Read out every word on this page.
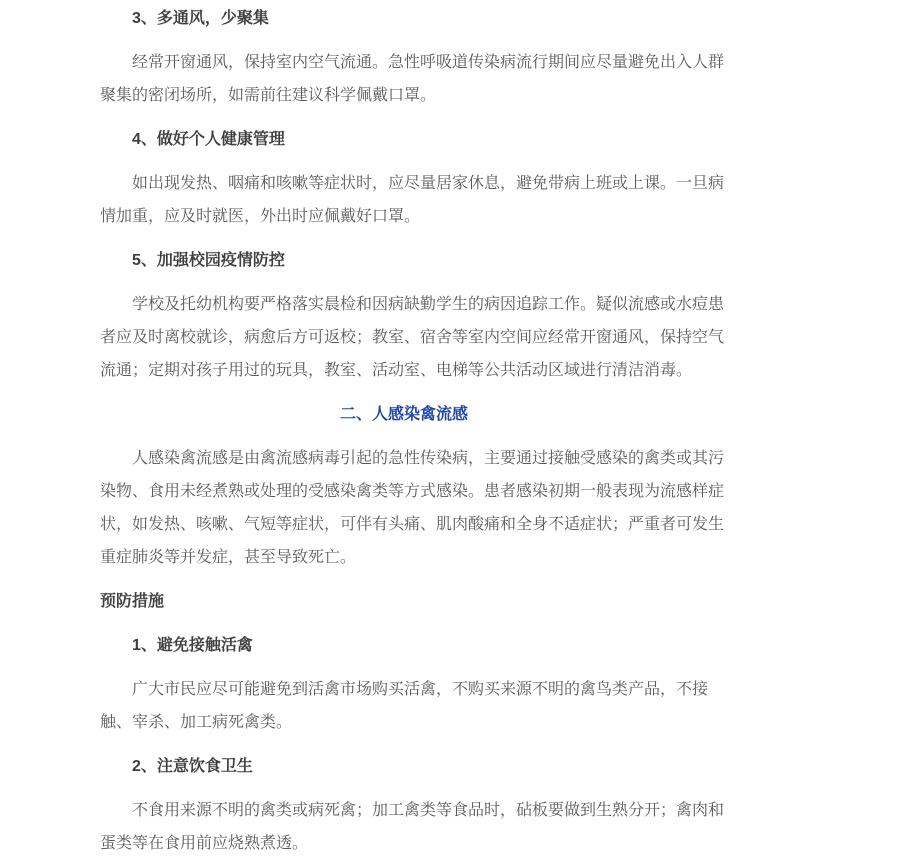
3、多通风，少聚集
经常开窗通风，保持室内空气流通。急性呼吸道传染病流行期间应尽量避免出入人群
聚集的密闭场所，如需前往建议科学佩戴口罩。
4、做好个人健康管理
如出现发热、咽痛和咳嗽等症状时，应尽量居家休息，避免带病上班或上课。一旦病
情加重，应及时就医，外出时应佩戴好口罩。
5、加强校园疫情防控
学校及托幼机构要严格落实晨检和因病缺勤学生的病因追踪工作。疑似流感或水痘患
者应及时离校就诊，病愈后方可返校；教室、宿舍等室内空间应经常开窗通风，保持空气
流通；定期对孩子用过的玩具，教室、活动室、电梯等公共活动区域进行清洁消毒。
二、人感染禽流感
人感染禽流感是由禽流感病毒引起的急性传染病，主要通过接触受感染的禽类或其污
染物、食用未经煮熟或处理的受感染禽类等方式感染。患者感染初期一般表现为流感样症
状，如发热、咳嗽、气短等症状，可伴有头痛、肌肉酸痛和全身不适症状；严重者可发生
重症肺炎等并发症，甚至导致死亡。
预防措施
1、避免接触活禽
广大市民应尽可能避免到活禽市场购买活禽，不购买来源不明的禽鸟类产品，不接
触、宰杀、加工病死禽类。
2、注意饮食卫生
不食用来源不明的禽类或病死禽；加工禽类等食品时，砧板要做到生熟分开；禽肉和
蛋类等在食用前应烧熟煮透。
